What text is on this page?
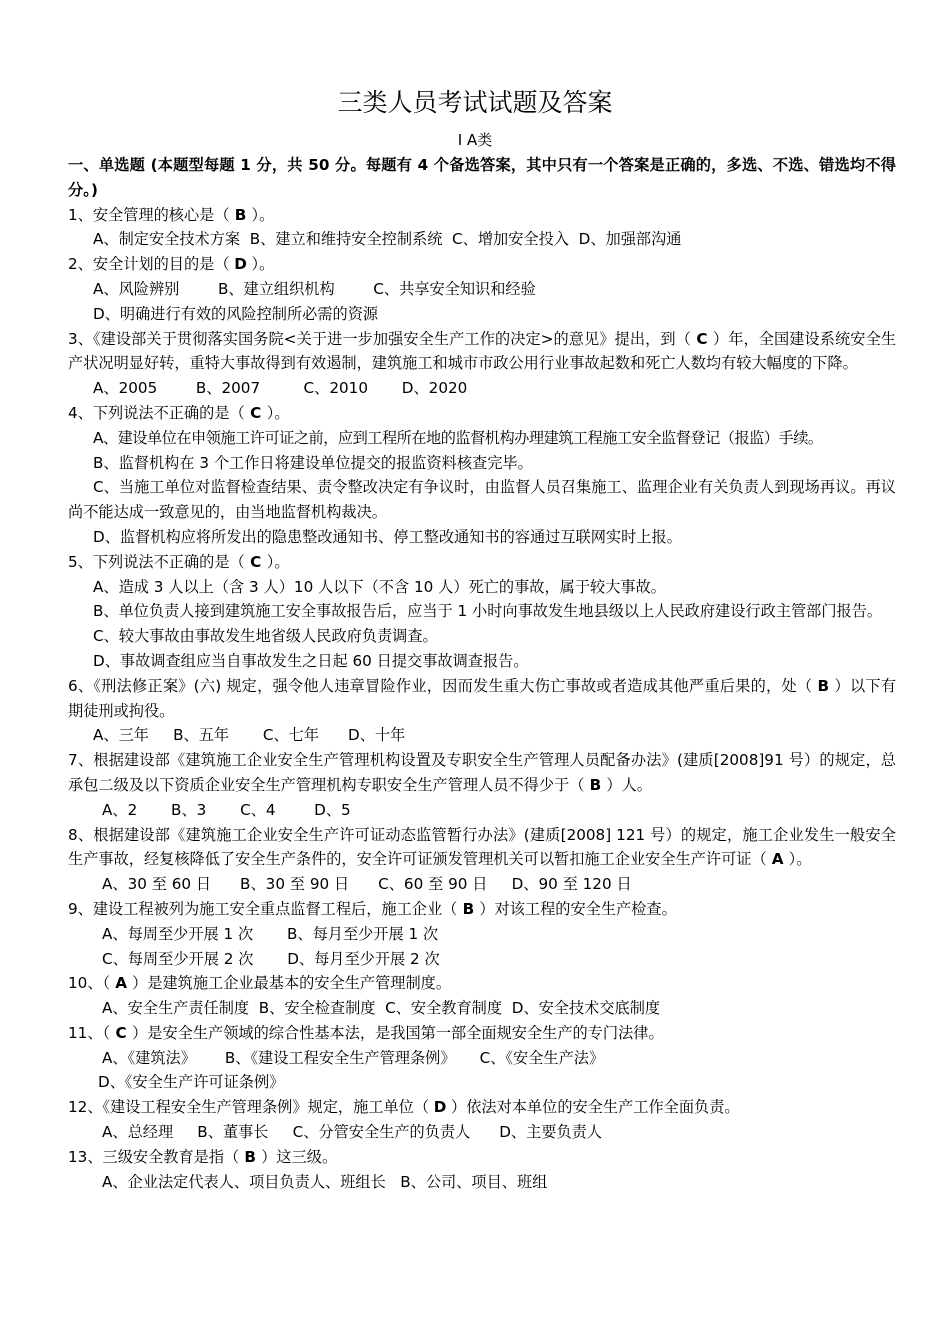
三类人员考试试题及答案
Ⅰ A类
一、单选题 (本题型每题 1 分，共 50 分。每题有 4 个备选答案，其中只有一个答案是正确的，多选、不选、错选均不得分。)
1、安全管理的核心是（ B ）。
A、制定安全技术方案  B、建立和维持安全控制系统  C、增加安全投入  D、加强部沟通
2、安全计划的目的是（ D ）。
A、风险辨别        B、建立组织机构        C、共享安全知识和经验
D、明确进行有效的风险控制所必需的资源
3、《建设部关于贯彻落实国务院<关于进一步加强安全生产工作的决定>的意见》提出，到（ C ）年，全国建设系统安全生产状况明显好转，重特大事故得到有效遏制，建筑施工和城市市政公用行业事故起数和死亡人数均有较大幅度的下降。
A、2005        B、2007         C、2010       D、2020
4、下列说法不正确的是（ C ）。
A、建设单位在申领施工许可证之前，应到工程所在地的监督机构办理建筑工程施工安全监督登记（报监）手续。
B、监督机构在 3 个工作日将建设单位提交的报监资料核查完毕。
C、当施工单位对监督检查结果、责令整改决定有争议时，由监督人员召集施工、监理企业有关负责人到现场再议。再议尚不能达成一致意见的，由当地监督机构裁决。
D、监督机构应将所发出的隐患整改通知书、停工整改通知书的容通过互联网实时上报。
5、下列说法不正确的是（ C ）。
A、造成 3 人以上（含 3 人）10 人以下（不含 10 人）死亡的事故，属于较大事故。
B、单位负责人接到建筑施工安全事故报告后，应当于 1 小时向事故发生地县级以上人民政府建设行政主管部门报告。
C、较大事故由事故发生地省级人民政府负责调查。
D、事故调查组应当自事故发生之日起 60 日提交事故调查报告。
6、《刑法修正案》(六) 规定，强令他人违章冒险作业，因而发生重大伤亡事故或者造成其他严重后果的，处（ B ）以下有期徒刑或拘役。
A、三年     B、五年       C、七年      D、十年
7、根据建设部《建筑施工企业安全生产管理机构设置及专职安全生产管理人员配备办法》(建质[2008]91 号）的规定，总承包二级及以下资质企业安全生产管理机构专职安全生产管理人员不得少于（ B ）人。
A、2       B、3       C、4        D、5
8、根据建设部《建筑施工企业安全生产许可证动态监管暂行办法》(建质[2008] 121 号）的规定，施工企业发生一般安全生产事故，经复核降低了安全生产条件的，安全许可证颁发管理机关可以暂扣施工企业安全生产许可证（ A ）。
A、30 至 60 日      B、30 至 90 日      C、60 至 90 日     D、90 至 120 日
9、建设工程被列为施工安全重点监督工程后，施工企业（ B ）对该工程的安全生产检查。
A、每周至少开展 1 次       B、每月至少开展 1 次
C、每周至少开展 2 次       D、每月至少开展 2 次
10、（ A ）是建筑施工企业最基本的安全生产管理制度。
A、安全生产责任制度  B、安全检查制度  C、安全教育制度  D、安全技术交底制度
11、（ C ）是安全生产领域的综合性基本法，是我国第一部全面规安全生产的专门法律。
A、《建筑法》      B、《建设工程安全生产管理条例》     C、《安全生产法》
D、《安全生产许可证条例》
12、《建设工程安全生产管理条例》规定，施工单位（ D ）依法对本单位的安全生产工作全面负责。
A、总经理     B、董事长     C、分管安全生产的负责人      D、主要负责人
13、三级安全教育是指（ B ）这三级。
A、企业法定代表人、项目负责人、班组长   B、公司、项目、班组
